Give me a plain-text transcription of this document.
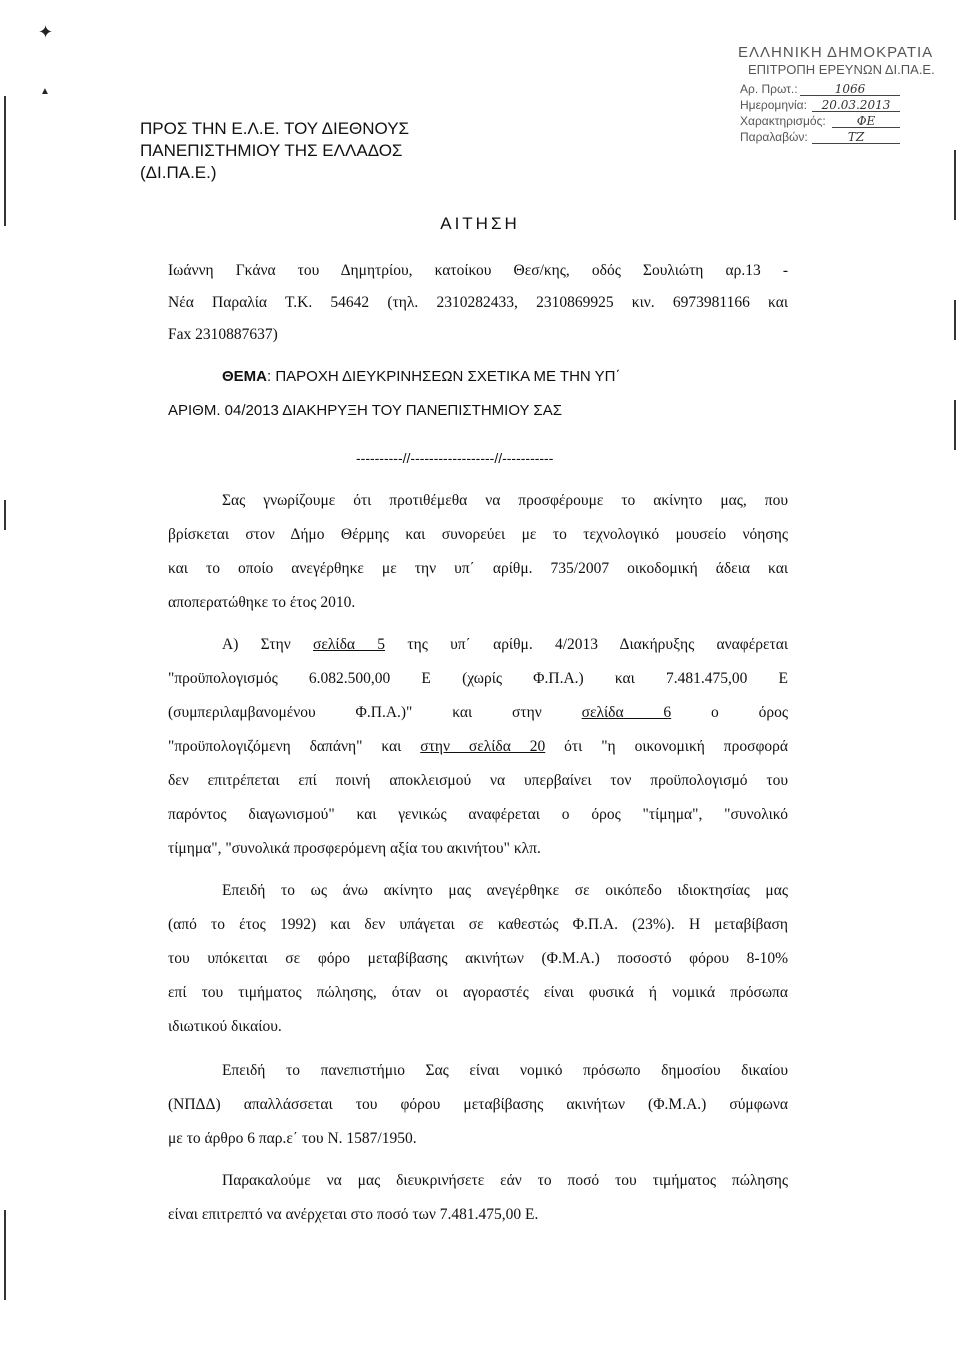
✦
▲
ΕΛΛΗΝΙΚΗ ΔΗΜΟΚΡΑΤΙΑ
ΕΠΙΤΡΟΠΗ ΕΡΕΥΝΩΝ ΔΙ.ΠΑ.Ε.
Αρ. Πρωτ.:	1066
Ημερομηνία:	20.03.2013
Χαρακτηρισμός:	ΦΕ
Παραλαβών:	ΤΖ
ΠΡΟΣ ΤΗΝ Ε.Λ.Ε. ΤΟΥ ΔΙΕΘΝΟΥΣ
ΠΑΝΕΠΙΣΤΗΜΙΟΥ ΤΗΣ ΕΛΛΑΔΟΣ
(ΔΙ.ΠΑ.Ε.)
ΑΙΤΗΣΗ
Ιωάννη Γκάνα του Δημητρίου, κατοίκου Θεσ/κης, οδός Σουλιώτη αρ.13 -
Νέα Παραλία Τ.Κ. 54642 (τηλ. 2310282433, 2310869925 κιν. 6973981166 και
Fax 2310887637)
ΘΕΜΑ: ΠΑΡΟΧΗ ΔΙΕΥΚΡΙΝΗΣΕΩΝ ΣΧΕΤΙΚΑ ΜΕ ΤΗΝ ΥΠ΄
ΑΡΙΘΜ. 04/2013 ΔΙΑΚΗΡΥΞΗ ΤΟΥ ΠΑΝΕΠΙΣΤΗΜΙΟΥ ΣΑΣ
----------//------------------//-----------
Σας γνωρίζουμε ότι προτιθέμεθα να προσφέρουμε το ακίνητο μας, που
βρίσκεται στον Δήμο Θέρμης και συνορεύει με το τεχνολογικό μουσείο νόησης
και το οποίο ανεγέρθηκε με την υπ΄ αρίθμ. 735/2007 οικοδομική άδεια και
αποπερατώθηκε το έτος 2010.
Α) Στην σελίδα 5 της υπ΄ αρίθμ. 4/2013 Διακήρυξης αναφέρεται
"προϋπολογισμός 6.082.500,00 Ε (χωρίς Φ.Π.Α.) και 7.481.475,00 Ε
(συμπεριλαμβανομένου Φ.Π.Α.)" και στην	σελίδα 6	ο όρος
"προϋπολογιζόμενη δαπάνη" και στην σελίδα 20 ότι "η οικονομική προσφορά
δεν επιτρέπεται επί ποινή αποκλεισμού να υπερβαίνει τον προϋπολογισμό του
παρόντος διαγωνισμού" και γενικώς αναφέρεται ο όρος "τίμημα", "συνολικό
τίμημα", "συνολικά προσφερόμενη αξία του ακινήτου" κλπ.
Επειδή το ως άνω ακίνητο μας ανεγέρθηκε σε οικόπεδο ιδιοκτησίας μας
(από το έτος 1992) και δεν υπάγεται σε καθεστώς Φ.Π.Α. (23%). Η μεταβίβαση
του υπόκειται σε φόρο μεταβίβασης ακινήτων (Φ.Μ.Α.) ποσοστό φόρου 8-10%
επί του τιμήματος πώλησης, όταν οι αγοραστές είναι φυσικά ή νομικά πρόσωπα
ιδιωτικού δικαίου.
Επειδή το πανεπιστήμιο Σας είναι νομικό πρόσωπο δημοσίου δικαίου
(ΝΠΔΔ) απαλλάσσεται του φόρου μεταβίβασης ακινήτων (Φ.Μ.Α.) σύμφωνα
με το άρθρο 6 παρ.ε΄ του Ν. 1587/1950.
Παρακαλούμε να μας διευκρινήσετε εάν το ποσό του τιμήματος πώλησης
είναι επιτρεπτό να ανέρχεται στο ποσό των 7.481.475,00 Ε.
